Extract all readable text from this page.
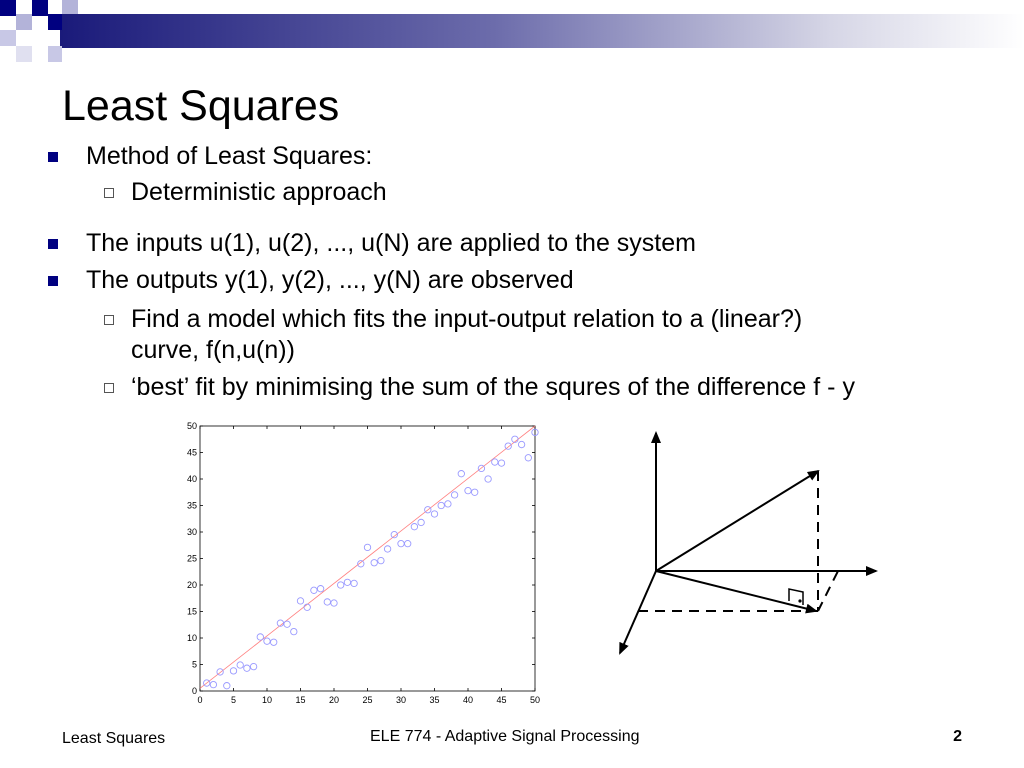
Least Squares
Method of Least Squares:
Deterministic approach
The inputs u(1), u(2), ..., u(N) are applied to the system
The outputs y(1), y(2), ..., y(N) are observed
Find a model which fits the input-output relation to a (linear?)
curve, f(n,u(n))
‘best’ fit by minimising the sum of the squres of the difference f - y
0	5	10	15	20	25	30	35	40	45	50
0
5
10
15
20
25
30
35
40
45
50
Least Squares	ELE 774 - Adaptive Signal Processing	2
